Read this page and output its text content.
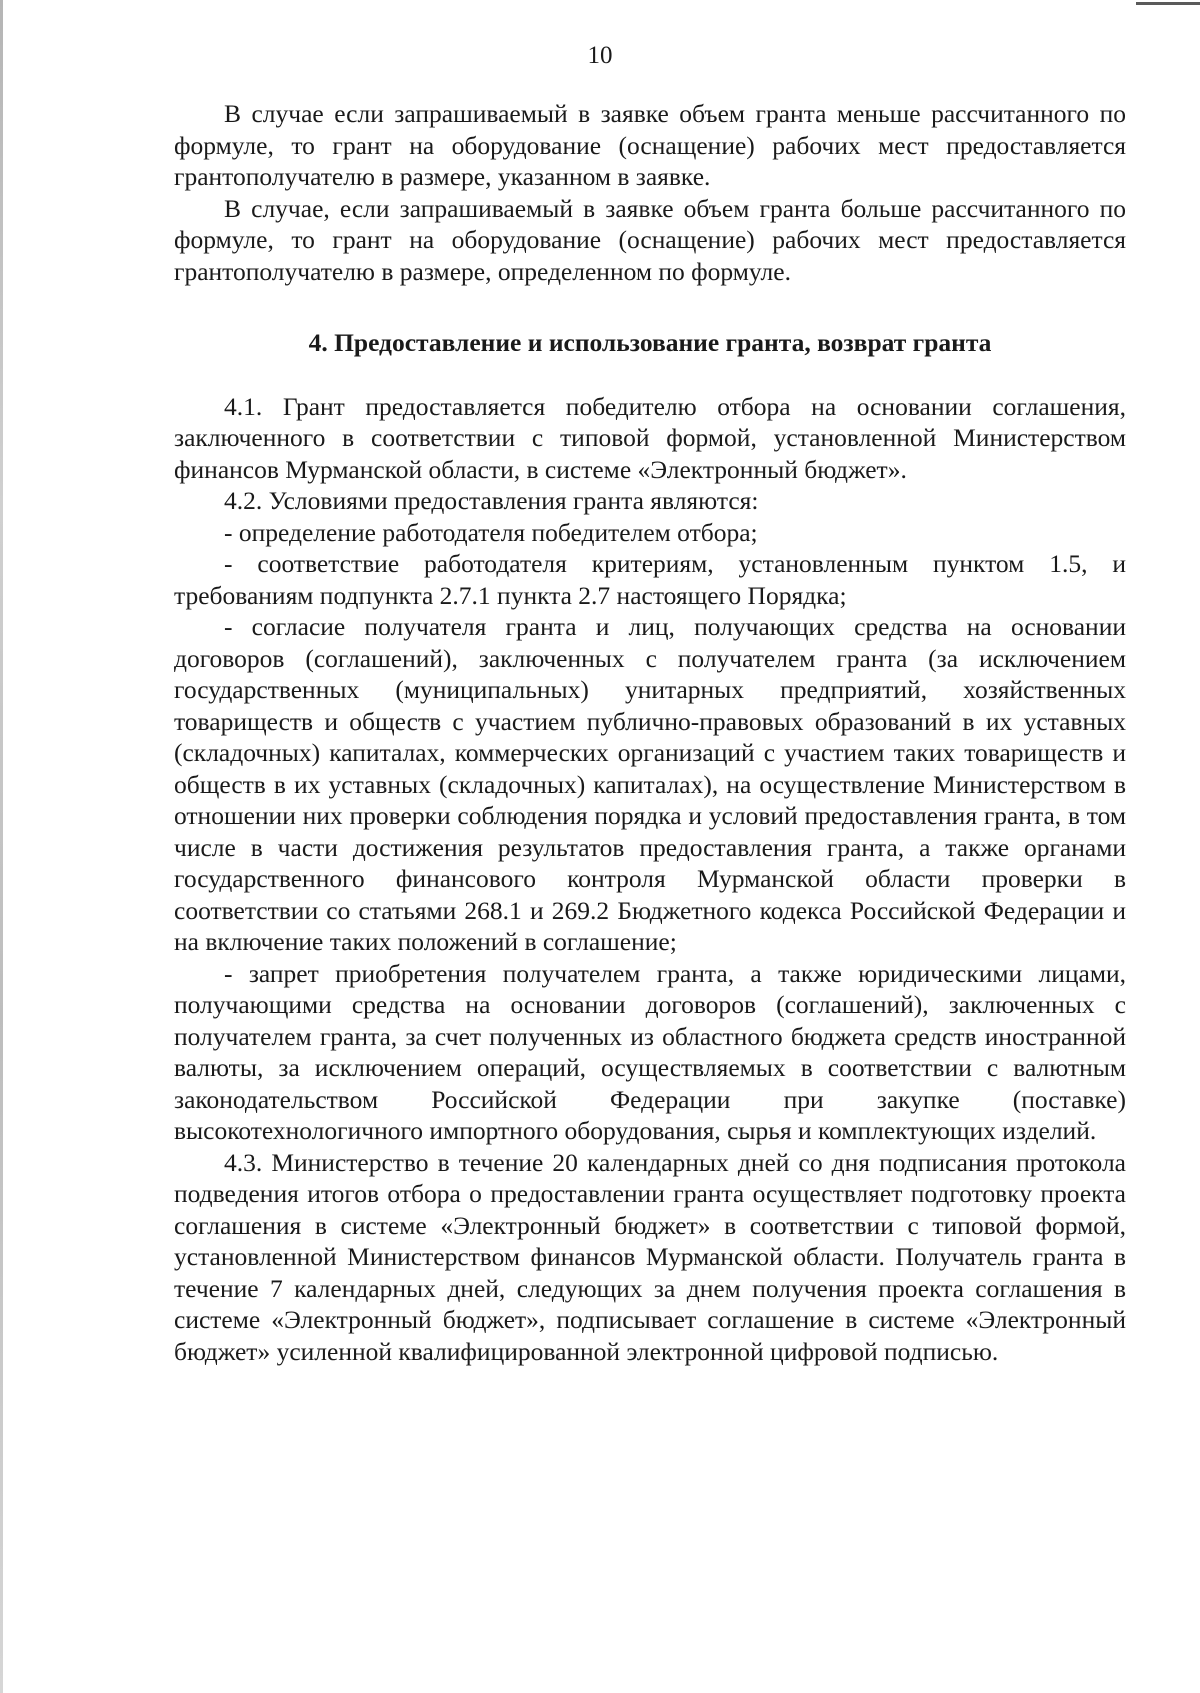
10

В случае если запрашиваемый в заявке объем гранта меньше рассчитанного по формуле, то грант на оборудование (оснащение) рабочих мест предоставляется грантополучателю в размере, указанном в заявке.

В случае, если запрашиваемый в заявке объем гранта больше рассчитанного по формуле, то грант на оборудование (оснащение) рабочих мест предоставляется грантополучателю в размере, определенном по формуле.

4. Предоставление и использование гранта, возврат гранта

4.1. Грант предоставляется победителю отбора на основании соглашения, заключенного в соответствии с типовой формой, установленной Министерством финансов Мурманской области, в системе «Электронный бюджет».

4.2. Условиями предоставления гранта являются:

- определение работодателя победителем отбора;

- соответствие работодателя критериям, установленным пунктом 1.5, и требованиям подпункта 2.7.1 пункта 2.7 настоящего Порядка;

- согласие получателя гранта и лиц, получающих средства на основании договоров (соглашений), заключенных с получателем гранта (за исключением государственных (муниципальных) унитарных предприятий, хозяйственных товариществ и обществ с участием публично-правовых образований в их уставных (складочных) капиталах, коммерческих организаций с участием таких товариществ и обществ в их уставных (складочных) капиталах), на осуществление Министерством в отношении них проверки соблюдения порядка и условий предоставления гранта, в том числе в части достижения результатов предоставления гранта, а также органами государственного финансового контроля Мурманской области проверки в соответствии со статьями 268.1 и 269.2 Бюджетного кодекса Российской Федерации и на включение таких положений в соглашение;

- запрет приобретения получателем гранта, а также юридическими лицами, получающими средства на основании договоров (соглашений), заключенных с получателем гранта, за счет полученных из областного бюджета средств иностранной валюты, за исключением операций, осуществляемых в соответствии с валютным законодательством Российской Федерации при закупке (поставке) высокотехнологичного импортного оборудования, сырья и комплектующих изделий.

4.3. Министерство в течение 20 календарных дней со дня подписания протокола подведения итогов отбора о предоставлении гранта осуществляет подготовку проекта соглашения в системе «Электронный бюджет» в соответствии с типовой формой, установленной Министерством финансов Мурманской области. Получатель гранта в течение 7 календарных дней, следующих за днем получения проекта соглашения в системе «Электронный бюджет», подписывает соглашение в системе «Электронный бюджет» усиленной квалифицированной электронной цифровой подписью.
